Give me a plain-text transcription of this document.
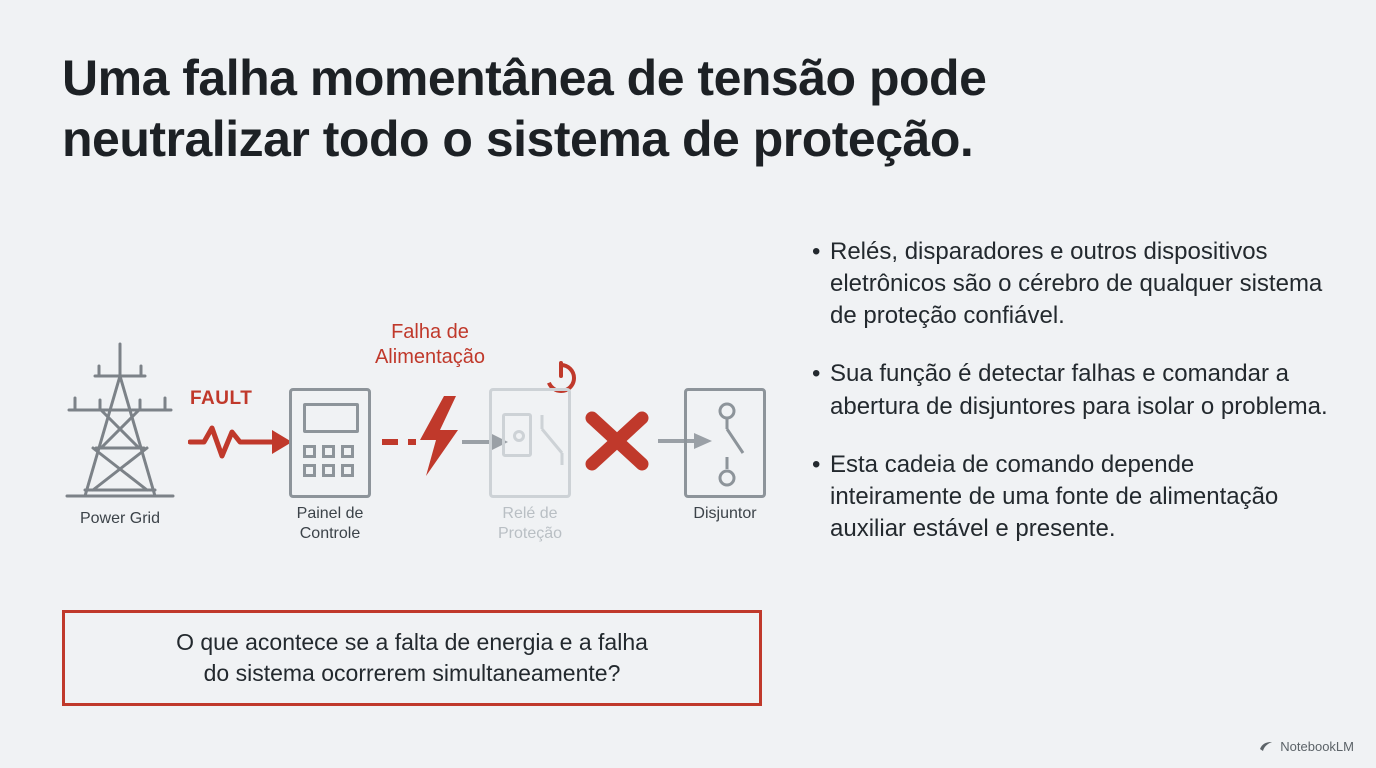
Uma falha momentânea de tensão pode
neutralizar todo o sistema de proteção.
Power Grid
FAULT
Painel de
Controle
Falha de
Alimentação
Relé de
Proteção
Disjuntor
O que acontece se a falta de energia e a falha
do sistema ocorrerem simultaneamente?
• Relés, disparadores e outros dispositivos eletrônicos são o cérebro de qualquer sistema de proteção confiável.
• Sua função é detectar falhas e comandar a abertura de disjuntores para isolar o problema.
• Esta cadeia de comando depende inteiramente de uma fonte de alimentação auxiliar estável e presente.
NotebookLM
